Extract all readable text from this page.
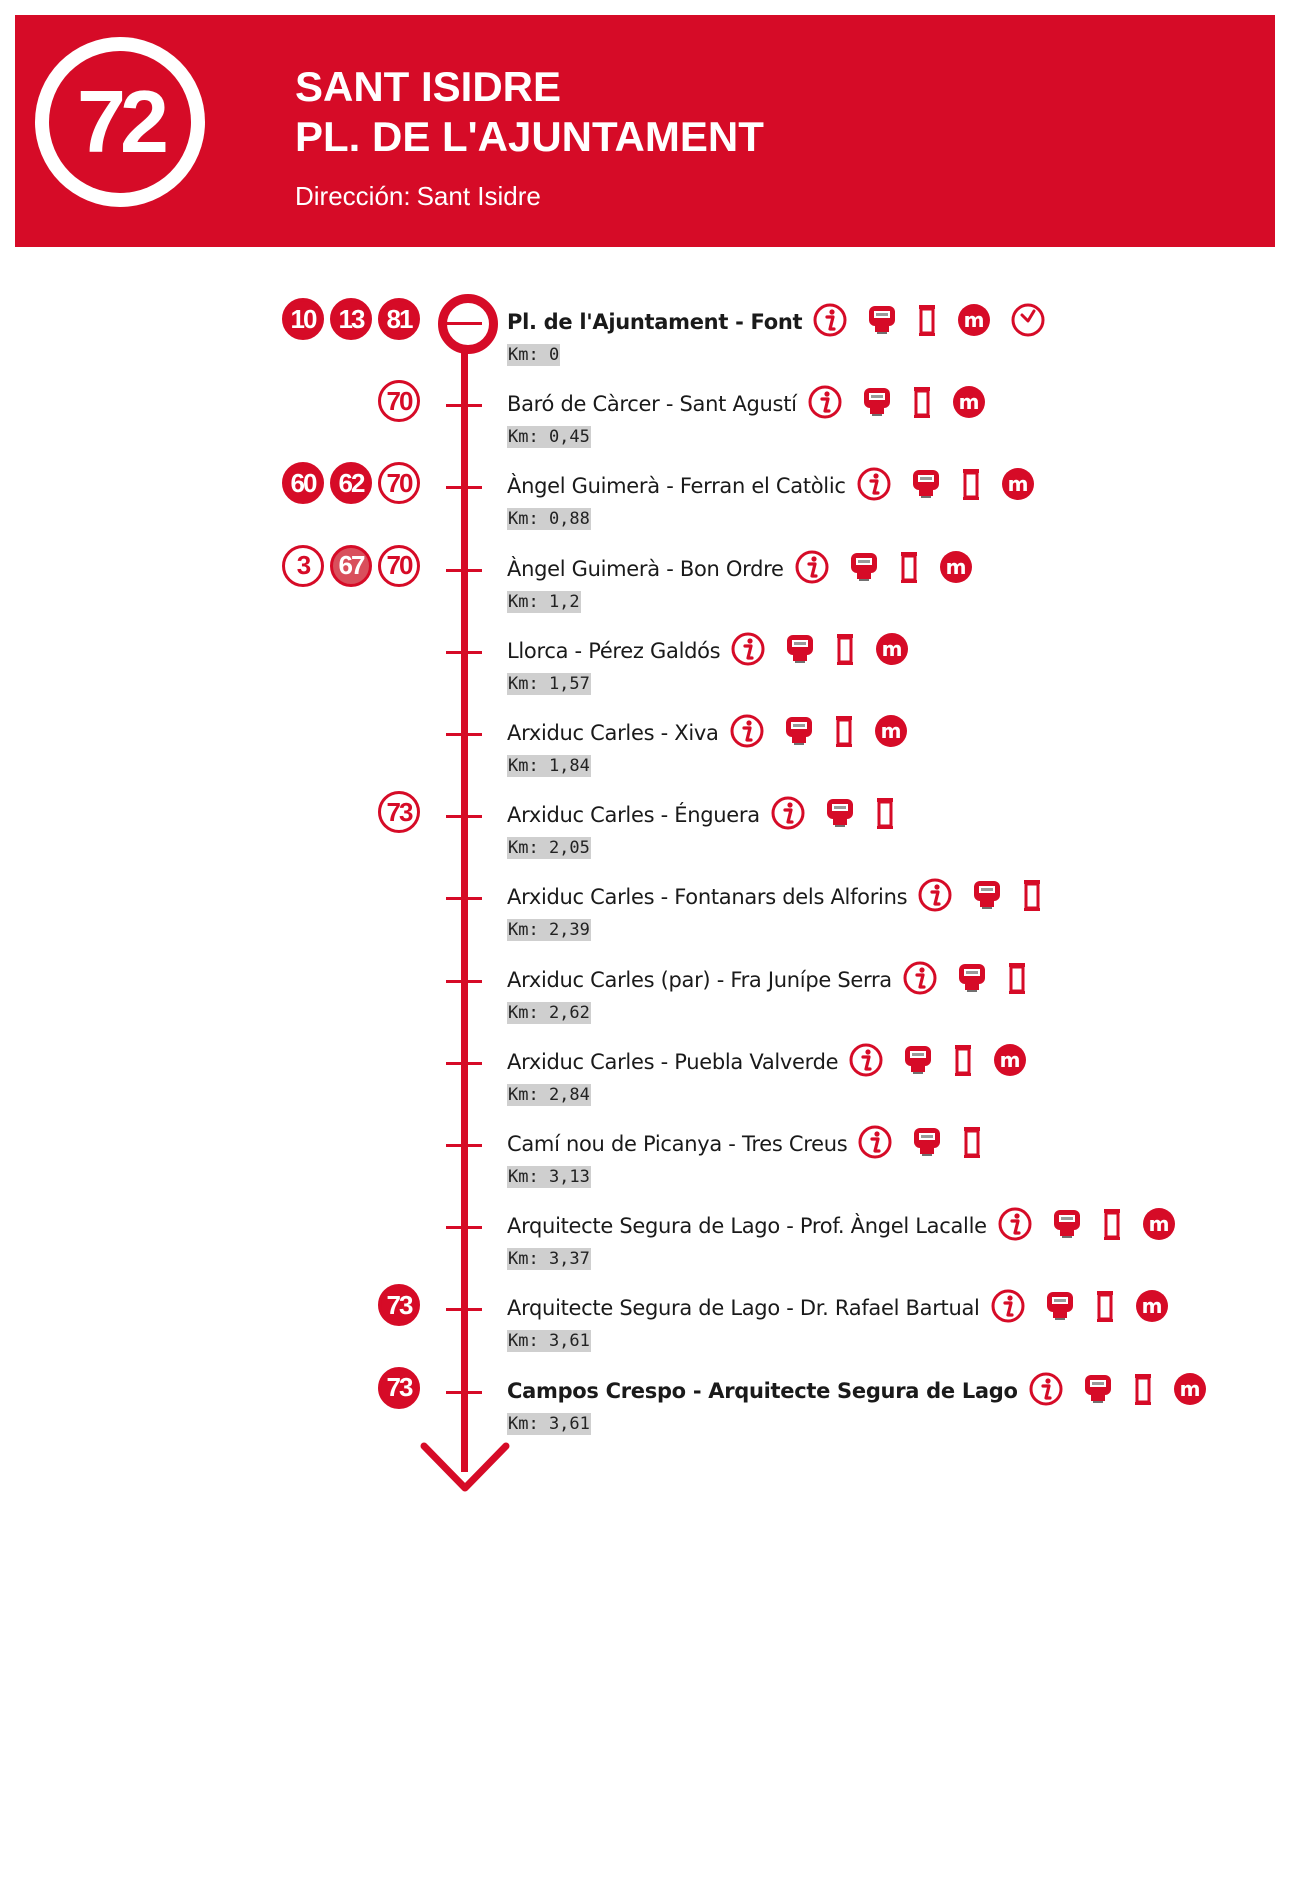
72	SANT ISIDRE
PL. DE L'AJUNTAMENT
Dirección: Sant Isidre
10 13 81	Pl. de l'Ajuntament - Font	m
Km: 0
70	Baró de Càrcer - Sant Agustí	m
Km: 0,45
60 62 70	Àngel Guimerà - Ferran el Catòlic	m
Km: 0,88
3	67 70	Àngel Guimerà - Bon Ordre	m
Km: 1,2
Llorca - Pérez Galdós	m
Km: 1,57
Arxiduc Carles - Xiva	m
Km: 1,84
73	Arxiduc Carles - Énguera
Km: 2,05
Arxiduc Carles - Fontanars dels Alforins
Km: 2,39
Arxiduc Carles (par) - Fra Junípe Serra
Km: 2,62
Arxiduc Carles - Puebla Valverde	m
Km: 2,84
Camí nou de Picanya - Tres Creus
Km: 3,13
Arquitecte Segura de Lago - Prof. Àngel Lacalle	m
Km: 3,37
73	Arquitecte Segura de Lago - Dr. Rafael Bartual	m
Km: 3,61
73	Campos Crespo - Arquitecte Segura de Lago	m
Km: 3,61
